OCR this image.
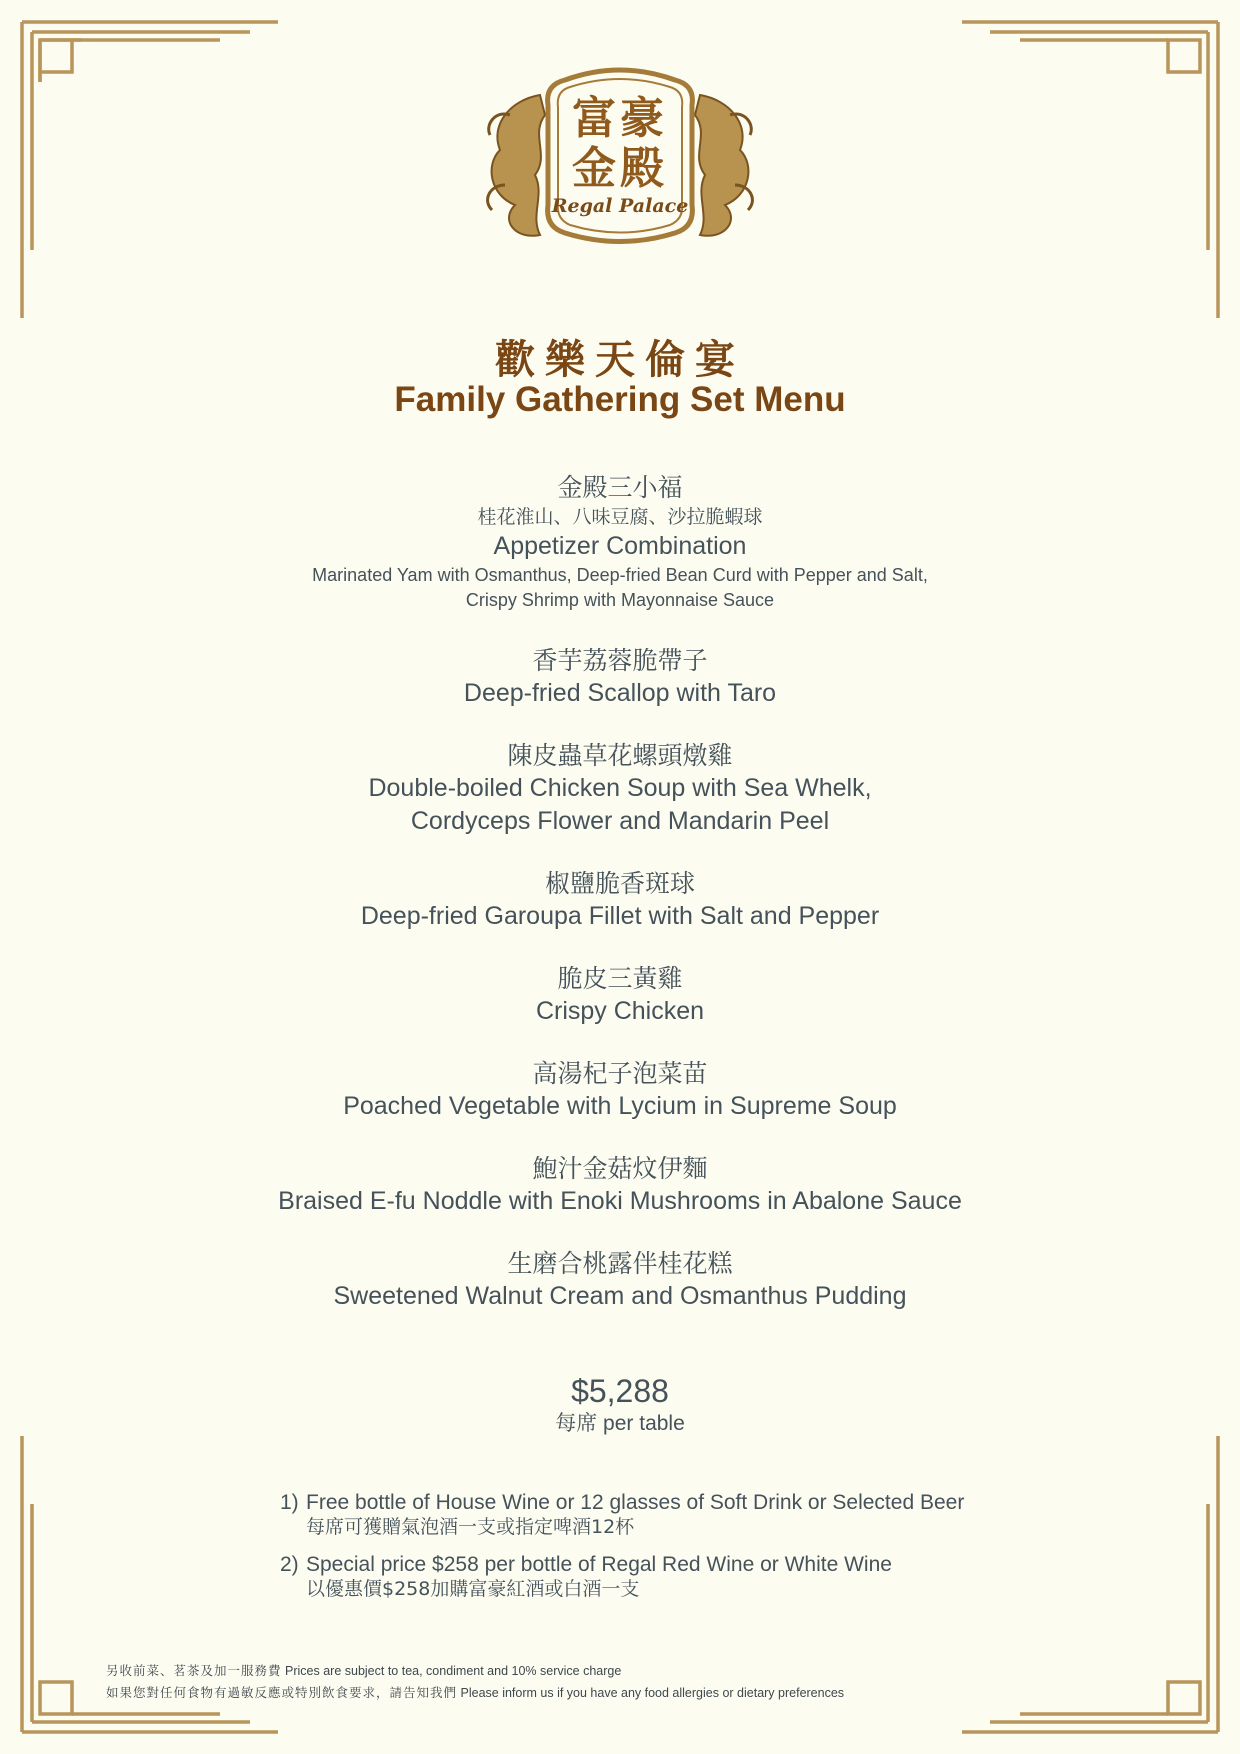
富豪
金殿
Regal Palace
歡樂天倫宴
Family Gathering Set Menu
金殿三小福
桂花淮山、八味豆腐、沙拉脆蝦球
Appetizer Combination
Marinated Yam with Osmanthus, Deep-fried Bean Curd with Pepper and Salt,
Crispy Shrimp with Mayonnaise Sauce
香芋荔蓉脆帶子
Deep-fried Scallop with Taro
陳皮蟲草花螺頭燉雞
Double-boiled Chicken Soup with Sea Whelk,
Cordyceps Flower and Mandarin Peel
椒鹽脆香斑球
Deep-fried Garoupa Fillet with Salt and Pepper
脆皮三黃雞
Crispy Chicken
高湯杞子泡菜苗
Poached Vegetable with Lycium in Supreme Soup
鮑汁金菇炆伊麵
Braised E-fu Noddle with Enoki Mushrooms in Abalone Sauce
生磨合桃露伴桂花糕
Sweetened Walnut Cream and Osmanthus Pudding
$5,288
每席 per table
1) Free bottle of House Wine or 12 glasses of Soft Drink or Selected Beer
每席可獲贈氣泡酒一支或指定啤酒12杯
2) Special price $258 per bottle of Regal Red Wine or White Wine
以優惠價$258加購富豪紅酒或白酒一支
另收前菜、茗茶及加一服務費 Prices are subject to tea, condiment and 10% service charge
如果您對任何食物有過敏反應或特別飲食要求，請告知我們 Please inform us if you have any food allergies or dietary preferences
